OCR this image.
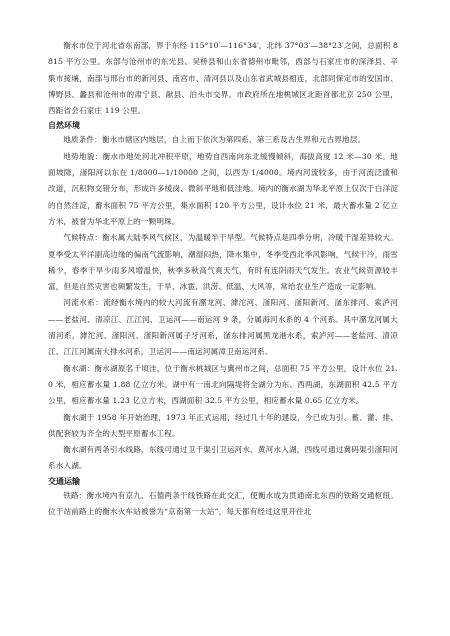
衡水市位于河北省东南部，界于东经 115°10′—116°34′，北纬 37°03′—38°23′之间，总面积 8815 平方公里。东部与沧州市的东光县、吴桥县和山东省德州市毗邻，西部与石家庄市的深泽县、辛集市接壤，南部与邢台市的新河县、南宫市、清河县以及山东省武城县相连，北部同保定市的安国市、博野县、蠡县和沧州市的肃宁县、献县、泊头市交界。市政府所在地桃城区北距首都北京 250 公里，西距省会石家庄 119 公里。

自然环境

地质条件：衡水市辖区内地层，自上而下依次为第四系、第三系及古生界和元古界地层。

地势地貌：衡水市地处河北冲积平原，地势自西南向东北缓慢倾斜，海拔高度 12 米—30 米。地面坡降，滏阳河以东在 1/8000—1/10000 之间，以西为 1/4000。境内河流较多，由于河流泛滥和改道，沉积物交错分布，形成许多缓岗、微斜平地和低洼地。境内的衡水湖为华北平原上仅次于白洋淀的自然洼淀，蓄水面积 75 平方公里，集水面积 120 平方公里，设计水位 21 米，最大蓄水量 2 亿立方米，被誉为华北平原上的一颗明珠。

气候特点：衡水属大陆季风气候区，为温暖半干旱型。气候特点是四季分明，冷暖干湿差异较大。夏季受太平洋副高边缘的偏南气流影响，潮湿闷热，降水集中，冬季受西北季风影响，气候干冷，雨雪稀少，春季干旱少雨多风增温快，秋季多秋高气爽天气，有时有连阴雨天气发生。农业气候资源较丰富，但是自然灾害也频繁发生，干旱、冰雹、洪涝、低温、大风等，常给农业生产造成一定影响。

河流水系：流经衡水境内的较大河流有潴龙河、滹沱河、滏阳河、滏阳新河、滏东排河、索泸河——老盐河、清凉江、江江河、卫运河——南运河 9 条，分属海河水系的 4 个河系。其中潴龙河属大清河系，滹沱河、滏阳河、滏阳新河属子牙河系，滏东排河属黑龙港水系，索泸河——老盐河、清凉江、江江河属南大排水河系，卫运河——南运河属漳卫南运河系。

衡水湖：衡水湖原名千顷洼，位于衡水桃城区与冀州市之间，总面积 75 平方公里，设计水位 21.0 米，相应蓄水量 1.88 亿立方米。湖中有一南北向隔堤将全湖分为东、西两湖，东湖面积 42.5 平方公里，相应蓄水量 1.23 亿立方米，西湖面积 32.5 平方公里，相应蓄水量 0.65 亿立方米。

衡水湖于 1958 年开始治理，1973 年正式运用，经过几十年的建设，今已成为引、蓄、灌、排、供配套较为齐全的大型平原蓄水工程。

衡水湖有两条引水线路，东线可通过卫千渠引卫运河水、黄河水入湖，西线可通过冀码渠引滏阳河系水入湖。

交通运输

铁路：衡水境内有京九、石德两条干线铁路在此交汇，使衡水成为贯通南北东西的铁路交通枢纽。位于站前路上的衡水火车站被誉为“京南第一大站”，每天都有经过这里开往北
